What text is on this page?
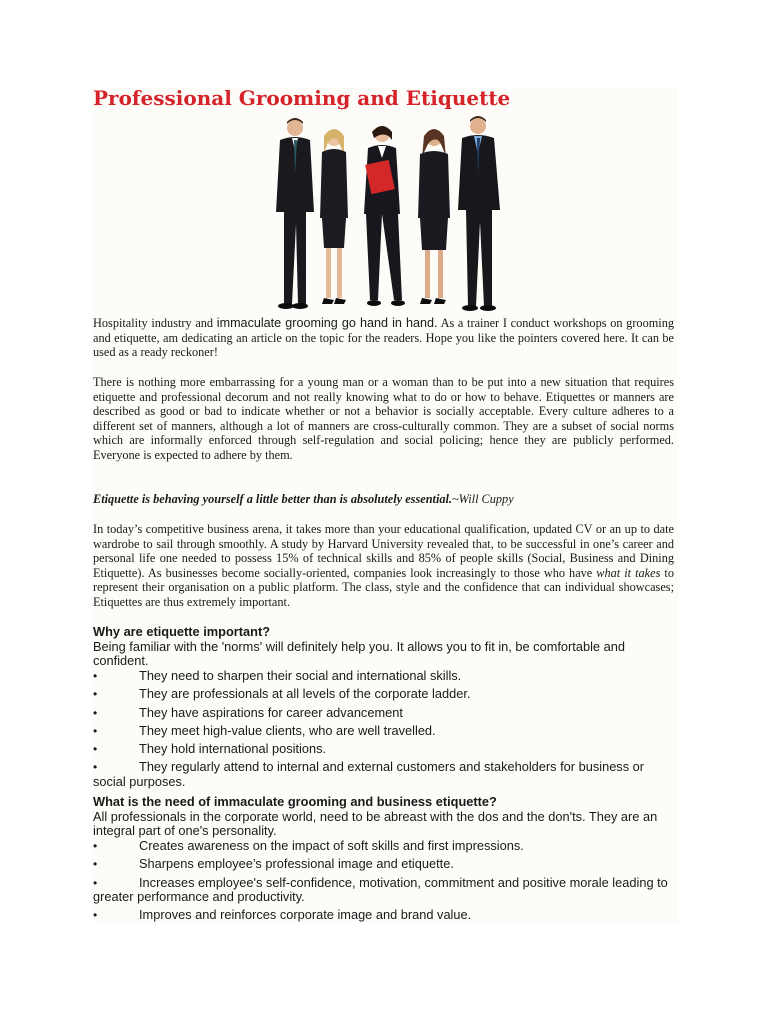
Professional Grooming and Etiquette

Hospitality industry and immaculate grooming go hand in hand. As a trainer I conduct workshops on grooming and etiquette, am dedicating an article on the topic for the readers. Hope you like the pointers covered here. It can be used as a ready reckoner!

There is nothing more embarrassing for a young man or a woman than to be put into a new situation that requires etiquette and professional decorum and not really knowing what to do or how to behave. Etiquettes or manners are described as good or bad to indicate whether or not a behavior is socially acceptable. Every culture adheres to a different set of manners, although a lot of manners are cross-culturally common. They are a subset of social norms which are informally enforced through self-regulation and social policing; hence they are publicly performed. Everyone is expected to adhere by them.

Etiquette is behaving yourself a little better than is absolutely essential.~Will Cuppy

In today’s competitive business arena, it takes more than your educational qualification, updated CV or an up to date wardrobe to sail through smoothly. A study by Harvard University revealed that, to be successful in one’s career and personal life one needed to possess 15% of technical skills and 85% of people skills (Social, Business and Dining Etiquette). As businesses become socially-oriented, companies look increasingly to those who have what it takes to represent their organisation on a public platform. The class, style and the confidence that can individual showcases; Etiquettes are thus extremely important.

Why are etiquette important?
Being familiar with the 'norms' will definitely help you. It allows you to fit in, be comfortable and confident.
•	They need to sharpen their social and international skills.
•	They are professionals at all levels of the corporate ladder.
•	They have aspirations for career advancement
•	They meet high-value clients, who are well travelled.
•	They hold international positions.
•	They regularly attend to internal and external customers and stakeholders for business or social purposes.
What is the need of immaculate grooming and business etiquette?
All professionals in the corporate world, need to be abreast with the dos and the don'ts. They are an integral part of one's personality.
•	Creates awareness on the impact of soft skills and first impressions.
•	Sharpens employee’s professional image and etiquette.
•	Increases employee's self-confidence, motivation, commitment and positive morale leading to greater performance and productivity.
•	Improves and reinforces corporate image and brand value.
